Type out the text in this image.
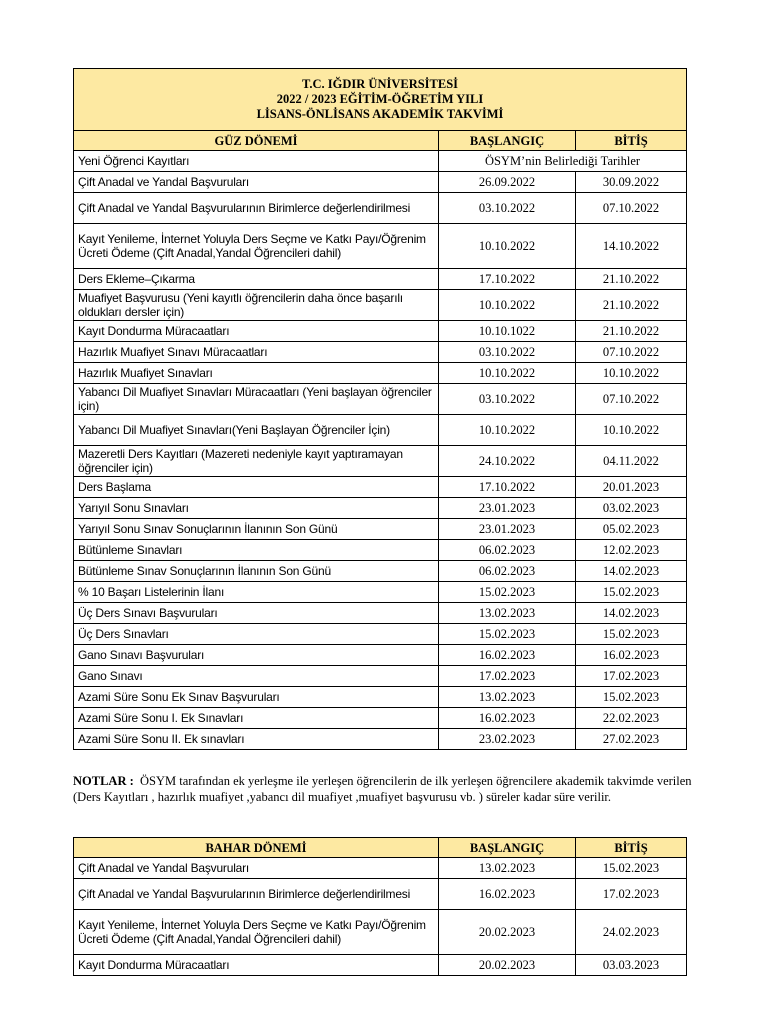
T.C. IĞDIR ÜNİVERSİTESİ
2022 / 2023 EĞİTİM-ÖĞRETİM YILI
LİSANS-ÖNLİSANS AKADEMİK TAKVİMİ		

GÜZ DÖNEMİ	BAŞLANGIÇ	BİTİŞ
Yeni Öğrenci Kayıtları	ÖSYM’nin Belirlediği Tarihler	
Çift Anadal ve Yandal Başvuruları	26.09.2022	30.09.2022
Çift Anadal ve Yandal Başvurularının Birimlerce değerlendirilmesi	03.10.2022	07.10.2022
Kayıt Yenileme, İnternet Yoluyla Ders Seçme ve Katkı Payı/Öğrenim Ücreti Ödeme (Çift Anadal,Yandal Öğrencileri dahil)	10.10.2022	14.10.2022
Ders Ekleme–Çıkarma	17.10.2022	21.10.2022
Muafiyet Başvurusu (Yeni kayıtlı öğrencilerin daha önce başarılı oldukları dersler için)	10.10.2022	21.10.2022
Kayıt Dondurma Müracaatları	10.10.1022	21.10.2022
Hazırlık Muafiyet Sınavı Müracaatları	03.10.2022	07.10.2022
Hazırlık Muafiyet Sınavları	10.10.2022	10.10.2022
Yabancı Dil Muafiyet Sınavları Müracaatları (Yeni başlayan öğrenciler için)	03.10.2022	07.10.2022
Yabancı Dil Muafiyet Sınavları(Yeni Başlayan Öğrenciler İçin)	10.10.2022	10.10.2022
Mazeretli Ders Kayıtları (Mazereti nedeniyle kayıt yaptıramayan öğrenciler için)	24.10.2022	04.11.2022
Ders Başlama	17.10.2022	20.01.2023
Yarıyıl Sonu Sınavları	23.01.2023	03.02.2023
Yarıyıl Sonu Sınav Sonuçlarının İlanının Son Günü	23.01.2023	05.02.2023
Bütünleme Sınavları	06.02.2023	12.02.2023
Bütünleme Sınav Sonuçlarının İlanının Son Günü	06.02.2023	14.02.2023
% 10 Başarı Listelerinin İlanı	15.02.2023	15.02.2023
Üç Ders Sınavı Başvuruları	13.02.2023	14.02.2023
Üç Ders Sınavları	15.02.2023	15.02.2023
Gano Sınavı Başvuruları	16.02.2023	16.02.2023
Gano Sınavı	17.02.2023	17.02.2023
Azami Süre Sonu Ek Sınav Başvuruları	13.02.2023	15.02.2023
Azami Süre Sonu I. Ek Sınavları	16.02.2023	22.02.2023
Azami Süre Sonu II. Ek sınavları	23.02.2023	27.02.2023
NOTLAR : ÖSYM tarafından ek yerleşme ile yerleşen öğrencilerin de ilk yerleşen öğrencilere akademik takvimde verilen (Ders Kayıtları , hazırlık muafiyet ,yabancı dil muafiyet ,muafiyet başvurusu vb. ) süreler kadar süre verilir.
BAHAR DÖNEMİ	BAŞLANGIÇ	BİTİŞ
Çift Anadal ve Yandal Başvuruları	13.02.2023	15.02.2023
Çift Anadal ve Yandal Başvurularının Birimlerce değerlendirilmesi	16.02.2023	17.02.2023
Kayıt Yenileme, İnternet Yoluyla Ders Seçme ve Katkı Payı/Öğrenim Ücreti Ödeme (Çift Anadal,Yandal Öğrencileri dahil)	20.02.2023	24.02.2023
Kayıt Dondurma Müracaatları	20.02.2023	03.03.2023
